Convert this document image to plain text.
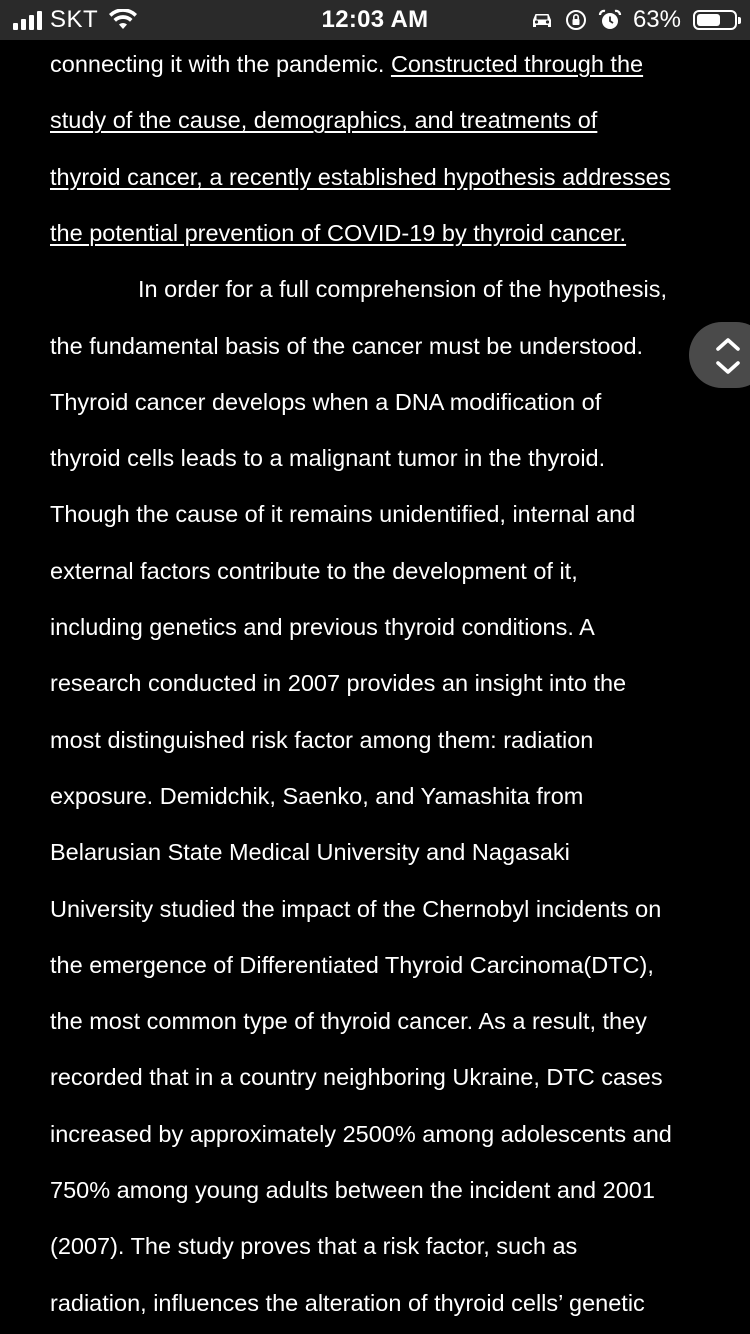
SKT	12:03 AM	63%
connecting it with the pandemic. Constructed through the
study of the cause, demographics, and treatments of
thyroid cancer, a recently established hypothesis addresses
the potential prevention of COVID-19 by thyroid cancer.
In order for a full comprehension of the hypothesis,
the fundamental basis of the cancer must be understood.
Thyroid cancer develops when a DNA modification of
thyroid cells leads to a malignant tumor in the thyroid.
Though the cause of it remains unidentified, internal and
external factors contribute to the development of it,
including genetics and previous thyroid conditions. A
research conducted in 2007 provides an insight into the
most distinguished risk factor among them: radiation
exposure. Demidchik, Saenko, and Yamashita from
Belarusian State Medical University and Nagasaki
University studied the impact of the Chernobyl incidents on
the emergence of Differentiated Thyroid Carcinoma(DTC),
the most common type of thyroid cancer. As a result, they
recorded that in a country neighboring Ukraine, DTC cases
increased by approximately 2500% among adolescents and
750% among young adults between the incident and 2001
(2007). The study proves that a risk factor, such as
radiation, influences the alteration of thyroid cells’ genetic
